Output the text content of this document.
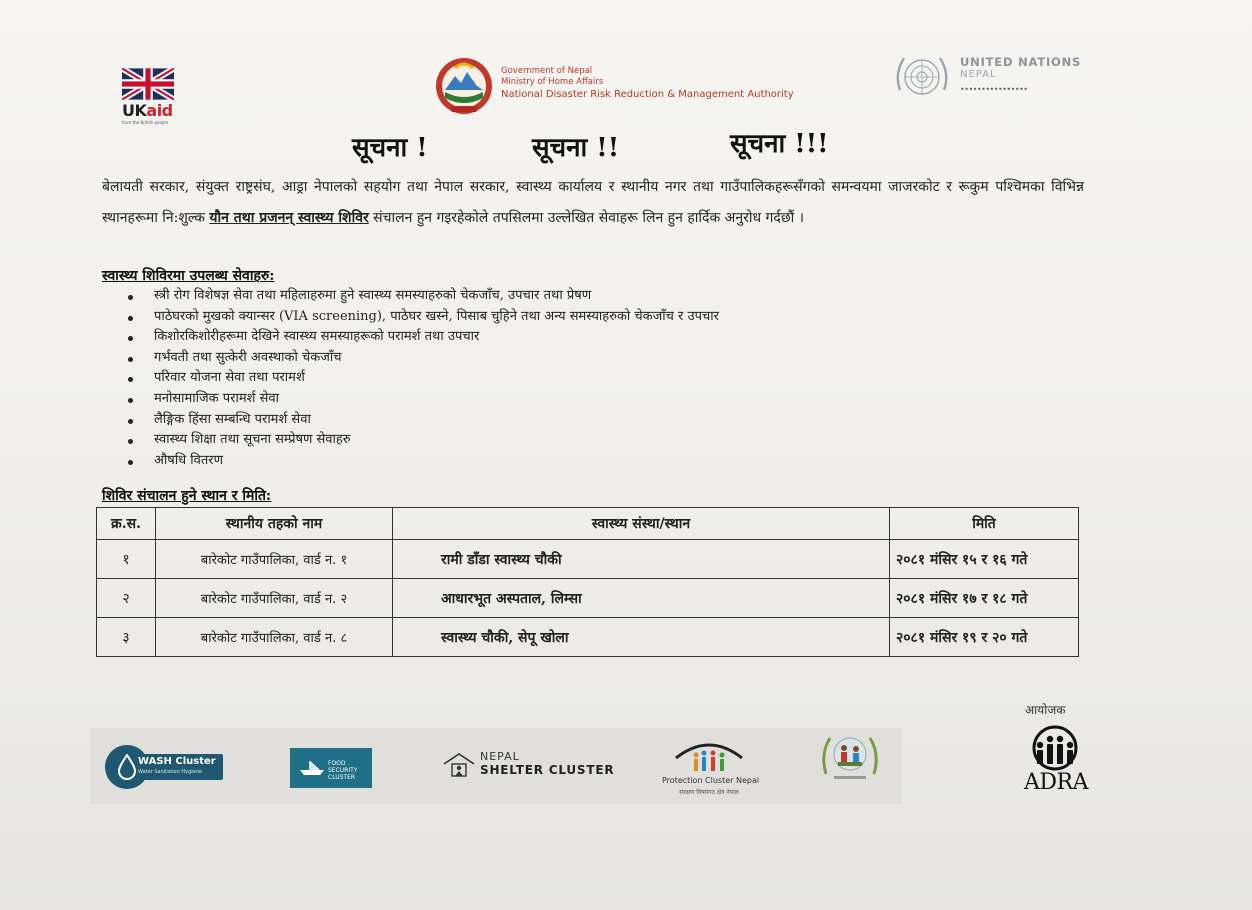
UKaid
from the British people
Government of Nepal
Ministry of Home Affairs
National Disaster Risk Reduction & Management Authority
UNITED NATIONS
NEPAL
••••••••••••••••
सूचना !	सूचना !!	सूचना !!!

बेलायती सरकार, संयुक्त राष्ट्रसंघ, आड्रा नेपालको सहयोग तथा नेपाल सरकार, स्वास्थ्य कार्यालय र स्थानीय नगर तथा गाउँपालिकहरूसँगको समन्वयमा जाजरकोट र रूकुम पश्चिमका विभिन्न स्थानहरूमा नि:शुल्क यौन तथा प्रजनन् स्वास्थ्य शिविर संचालन हुन गइरहेकोले तपसिलमा उल्लेखित सेवाहरू लिन हुन हार्दिक अनुरोध गर्दछौं ।

स्वास्थ्य शिविरमा उपलब्ध सेवाहरु:
स्त्री रोग विशेषज्ञ सेवा तथा महिलाहरुमा हुने स्वास्थ्य समस्याहरुको चेकजाँच, उपचार तथा प्रेषण
पाठेघरको मुखको क्यान्सर (VIA screening), पाठेघर खस्ने, पिसाब चुहिने तथा अन्य समस्याहरुको चेकजाँच र उपचार
किशोरकिशोरीहरूमा देखिने स्वास्थ्य समस्याहरूको परामर्श तथा उपचार
गर्भवती तथा सुत्केरी अवस्थाको चेकजाँच
परिवार योजना सेवा तथा परामर्श
मनोसामाजिक परामर्श सेवा
लैङ्गिक हिंसा सम्बन्धि परामर्श सेवा
स्वास्थ्य शिक्षा तथा सूचना सम्प्रेषण सेवाहरु
औषधि वितरण
शिविर संचालन हुने स्थान र मिति:
क्र.स.	स्थानीय तहको नाम	स्वास्थ्य संस्था/स्थान	मिति
१	बारेकोट गाउँपालिका, वार्ड न. १	रामी डाँडा स्वास्थ्य चौकी	२०८१ मंसिर १५ र १६ गते
२	बारेकोट गाउँपालिका, वार्ड न. २	आधारभूत अस्पताल, लिम्सा	२०८१ मंसिर १७ र १८ गते
३	बारेकोट गाउँपालिका, वार्ड न. ८	स्वास्थ्य चौकी, सेपू खोला	२०८१ मंसिर १९ र २० गते
WASH Cluster
Water Sanitation Hygiene
FOOD SECURITY
CLUSTER
NEPAL
SHELTER CLUSTER
Protection Cluster Nepal
संरक्षण विषयगत क्षेत्र नेपाल
आयोजक
ADRA
